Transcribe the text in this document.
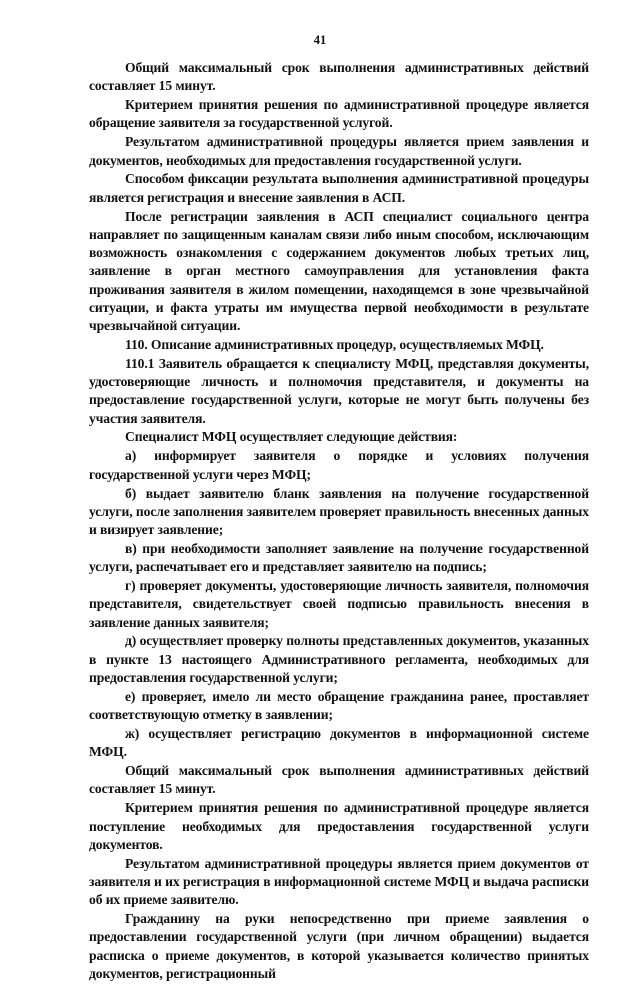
41

Общий максимальный срок выполнения административных действий составляет 15 минут.

Критерием принятия решения по административной процедуре является обращение заявителя за государственной услугой.

Результатом административной процедуры является прием заявления и документов, необходимых для предоставления государственной услуги.

Способом фиксации результата выполнения административной процедуры является регистрация и внесение заявления в АСП.

После регистрации заявления в АСП специалист социального центра направляет по защищенным каналам связи либо иным способом, исключающим возможность ознакомления с содержанием документов любых третьих лиц, заявление в орган местного самоуправления для установления факта проживания заявителя в жилом помещении, находящемся в зоне чрезвычайной ситуации, и факта утраты им имущества первой необходимости в результате чрезвычайной ситуации.

110. Описание административных процедур, осуществляемых МФЦ.

110.1 Заявитель обращается к специалисту МФЦ, представляя документы, удостоверяющие личность и полномочия представителя, и документы на предоставление государственной услуги, которые не могут быть получены без участия заявителя.

Специалист МФЦ осуществляет следующие действия:

а) информирует заявителя о порядке и условиях получения государственной услуги через МФЦ;

б) выдает заявителю бланк заявления на получение государственной услуги, после заполнения заявителем проверяет правильность внесенных данных и визирует заявление;

в) при необходимости заполняет заявление на получение государственной услуги, распечатывает его и представляет заявителю на подпись;

г) проверяет документы, удостоверяющие личность заявителя, полномочия представителя, свидетельствует своей подписью правильность внесения в заявление данных заявителя;

д) осуществляет проверку полноты представленных документов, указанных в пункте 13 настоящего Административного регламента, необходимых для предоставления государственной услуги;

е) проверяет, имело ли место обращение гражданина ранее, проставляет соответствующую отметку в заявлении;

ж) осуществляет регистрацию документов в информационной системе МФЦ.

Общий максимальный срок выполнения административных действий составляет 15 минут.

Критерием принятия решения по административной процедуре является поступление необходимых для предоставления государственной услуги документов.

Результатом административной процедуры является прием документов от заявителя и их регистрация в информационной системе МФЦ и выдача расписки об их приеме заявителю.

Гражданину на руки непосредственно при приеме заявления о предоставлении государственной услуги (при личном обращении) выдается расписка о приеме документов, в которой указывается количество принятых документов, регистрационный
